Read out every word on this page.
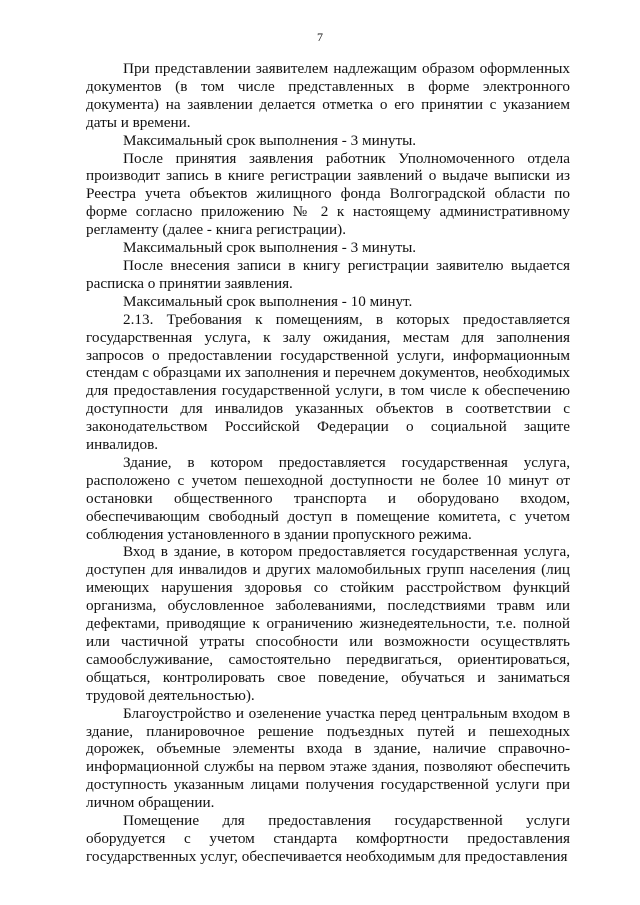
7

При представлении заявителем надлежащим образом оформленных документов (в том числе представленных в форме электронного документа) на заявлении делается отметка о его принятии с указанием даты и времени.

Максимальный срок выполнения - 3 минуты.

После принятия заявления работник Уполномоченного отдела производит запись в книге регистрации заявлений о выдаче выписки из Реестра учета объектов жилищного фонда Волгоградской области по форме согласно приложению № 2 к настоящему административному регламенту (далее - книга регистрации).

Максимальный срок выполнения - 3 минуты.

После внесения записи в книгу регистрации заявителю выдается расписка о принятии заявления.

Максимальный срок выполнения - 10 минут.

2.13. Требования к помещениям, в которых предоставляется государственная услуга, к залу ожидания, местам для заполнения запросов о предоставлении государственной услуги, информационным стендам с образцами их заполнения и перечнем документов, необходимых для предоставления государственной услуги, в том числе к обеспечению доступности для инвалидов указанных объектов в соответствии с законодательством Российской Федерации о социальной защите инвалидов.

Здание, в котором предоставляется государственная услуга, расположено с учетом пешеходной доступности не более 10 минут от остановки общественного транспорта и оборудовано входом, обеспечивающим свободный доступ в помещение комитета, с учетом соблюдения установленного в здании пропускного режима.

Вход в здание, в котором предоставляется государственная услуга, доступен для инвалидов и других маломобильных групп населения (лиц имеющих нарушения здоровья со стойким расстройством функций организма, обусловленное заболеваниями, последствиями травм или дефектами, приводящие к ограничению жизнедеятельности, т.е. полной или частичной утраты способности или возможности осуществлять самообслуживание, самостоятельно передвигаться, ориентироваться, общаться, контролировать свое поведение, обучаться и заниматься трудовой деятельностью).

Благоустройство и озеленение участка перед центральным входом в здание, планировочное решение подъездных путей и пешеходных дорожек, объемные элементы входа в здание, наличие справочно-информационной службы на первом этаже здания, позволяют обеспечить доступность указанным лицами получения государственной услуги при личном обращении.

Помещение для предоставления государственной услуги оборудуется с учетом стандарта комфортности предоставления государственных услуг, обеспечивается необходимым для предоставления
